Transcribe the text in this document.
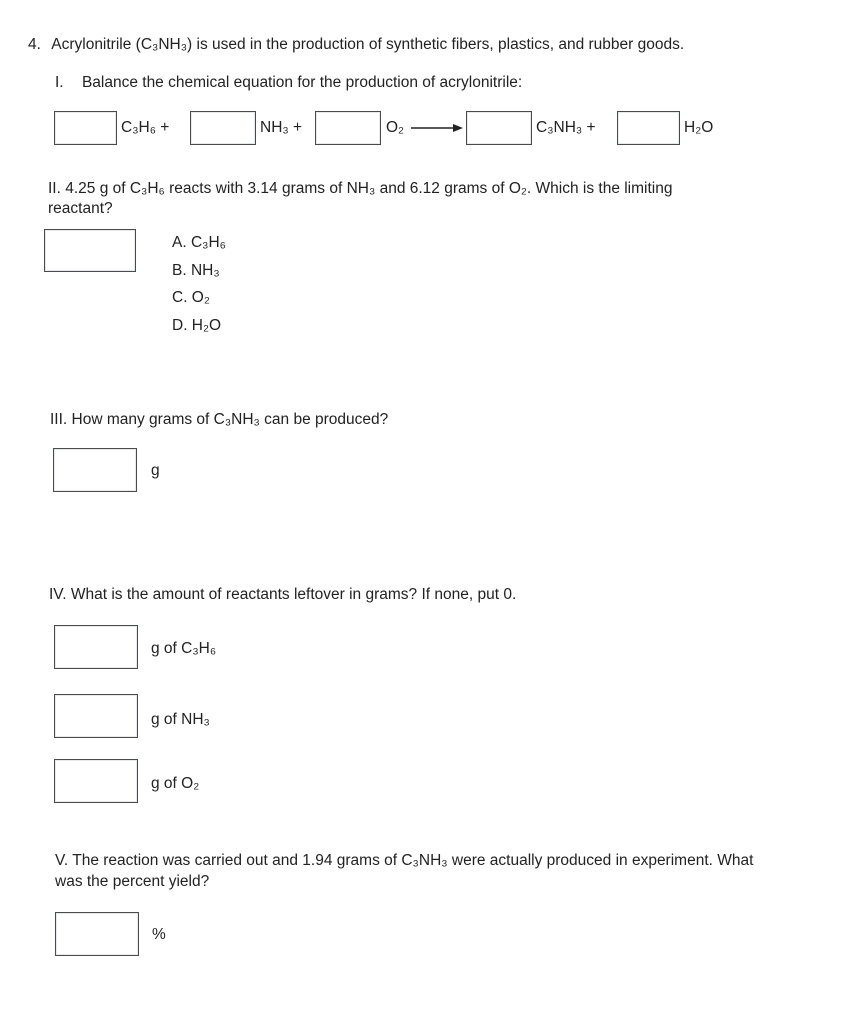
4. Acrylonitrile (C₃NH₃) is used in the production of synthetic fibers, plastics, and rubber goods.
I. Balance the chemical equation for the production of acrylonitrile:
C₃H₆ +	NH₃ +	O₂ →	C₃NH₃ +	H₂O
II. 4.25 g of C₃H₆ reacts with 3.14 grams of NH₃ and 6.12 grams of O₂. Which is the limiting
reactant?
A. C₃H₆
B. NH₃
C. O₂
D. H₂O
III. How many grams of C₃NH₃ can be produced?
g
IV. What is the amount of reactants leftover in grams? If none, put 0.
g of C₃H₆
g of NH₃
g of O₂
V. The reaction was carried out and 1.94 grams of C₃NH₃ were actually produced in experiment. What
was the percent yield?
%
